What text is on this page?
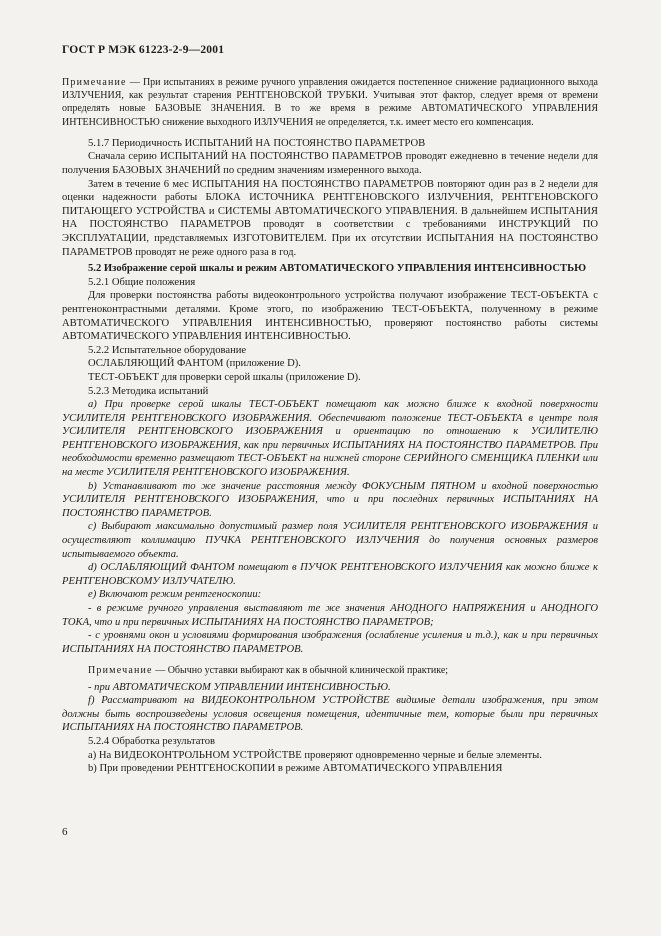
ГОСТ Р МЭК 61223-2-9—2001

Примечание — При испытаниях в режиме ручного управления ожидается постепенное снижение радиационного выхода ИЗЛУЧЕНИЯ, как результат старения РЕНТГЕНОВСКОЙ ТРУБКИ. Учитывая этот фактор, следует время от времени определять новые БАЗОВЫЕ ЗНАЧЕНИЯ. В то же время в режиме АВТОМАТИЧЕСКОГО УПРАВЛЕНИЯ ИНТЕНСИВНОСТЬЮ снижение выходного ИЗЛУЧЕНИЯ не определяется, т.к. имеет место его компенсация.

5.1.7 Периодичность ИСПЫТАНИЙ НА ПОСТОЯНСТВО ПАРАМЕТРОВ

Сначала серию ИСПЫТАНИЙ НА ПОСТОЯНСТВО ПАРАМЕТРОВ проводят ежедневно в течение недели для получения БАЗОВЫХ ЗНАЧЕНИЙ по средним значениям измеренного выхода.

Затем в течение 6 мес ИСПЫТАНИЯ НА ПОСТОЯНСТВО ПАРАМЕТРОВ повторяют один раз в 2 недели для оценки надежности работы БЛОКА ИСТОЧНИКА РЕНТГЕНОВСКОГО ИЗЛУЧЕНИЯ, РЕНТГЕНОВСКОГО ПИТАЮЩЕГО УСТРОЙСТВА и СИСТЕМЫ АВТОМАТИЧЕСКОГО УПРАВЛЕНИЯ. В дальнейшем ИСПЫТАНИЯ НА ПОСТОЯНСТВО ПАРАМЕТРОВ проводят в соответствии с требованиями ИНСТРУКЦИЙ ПО ЭКСПЛУАТАЦИИ, представляемых ИЗГОТОВИТЕЛЕМ. При их отсутствии ИСПЫТАНИЯ НА ПОСТОЯНСТВО ПАРАМЕТРОВ проводят не реже одного раза в год.

5.2 Изображение серой шкалы и режим АВТОМАТИЧЕСКОГО УПРАВЛЕНИЯ ИНТЕНСИВНОСТЬЮ

5.2.1 Общие положения

Для проверки постоянства работы видеоконтрольного устройства получают изображение ТЕСТ-ОБЪЕКТА с рентгеноконтрастными деталями. Кроме этого, по изображению ТЕСТ-ОБЪЕКТА, полученному в режиме АВТОМАТИЧЕСКОГО УПРАВЛЕНИЯ ИНТЕНСИВНОСТЬЮ, проверяют постоянство работы системы АВТОМАТИЧЕСКОГО УПРАВЛЕНИЯ ИНТЕНСИВНОСТЬЮ.

5.2.2 Испытательное оборудование

ОСЛАБЛЯЮЩИЙ ФАНТОМ (приложение D).

ТЕСТ-ОБЪЕКТ для проверки серой шкалы (приложение D).

5.2.3 Методика испытаний

a) При проверке серой шкалы ТЕСТ-ОБЪЕКТ помещают как можно ближе к входной поверхности УСИЛИТЕЛЯ РЕНТГЕНОВСКОГО ИЗОБРАЖЕНИЯ. Обеспечивают положение ТЕСТ-ОБЪЕКТА в центре поля УСИЛИТЕЛЯ РЕНТГЕНОВСКОГО ИЗОБРАЖЕНИЯ и ориентацию по отношению к УСИЛИТЕЛЮ РЕНТГЕНОВСКОГО ИЗОБРАЖЕНИЯ, как при первичных ИСПЫТАНИЯХ НА ПОСТОЯНСТВО ПАРАМЕТРОВ. При необходимости временно размещают ТЕСТ-ОБЪЕКТ на нижней стороне СЕРИЙНОГО СМЕНЩИКА ПЛЕНКИ или на месте УСИЛИТЕЛЯ РЕНТГЕНОВСКОГО ИЗОБРАЖЕНИЯ.

b) Устанавливают то же значение расстояния между ФОКУСНЫМ ПЯТНОМ и входной поверхностью УСИЛИТЕЛЯ РЕНТГЕНОВСКОГО ИЗОБРАЖЕНИЯ, что и при последних первичных ИСПЫТАНИЯХ НА ПОСТОЯНСТВО ПАРАМЕТРОВ.

c) Выбирают максимально допустимый размер поля УСИЛИТЕЛЯ РЕНТГЕНОВСКОГО ИЗОБРАЖЕНИЯ и осуществляют коллимацию ПУЧКА РЕНТГЕНОВСКОГО ИЗЛУЧЕНИЯ до получения основных размеров испытываемого объекта.

d) ОСЛАБЛЯЮЩИЙ ФАНТОМ помещают в ПУЧОК РЕНТГЕНОВСКОГО ИЗЛУЧЕНИЯ как можно ближе к РЕНТГЕНОВСКОМУ ИЗЛУЧАТЕЛЮ.

e) Включают режим рентгеноскопии:

- в режиме ручного управления выставляют те же значения АНОДНОГО НАПРЯЖЕНИЯ и АНОДНОГО ТОКА, что и при первичных ИСПЫТАНИЯХ НА ПОСТОЯНСТВО ПАРАМЕТРОВ;

- с уровнями окон и условиями формирования изображения (ослабление усиления и т.д.), как и при первичных ИСПЫТАНИЯХ НА ПОСТОЯНСТВО ПАРАМЕТРОВ.

Примечание — Обычно уставки выбирают как в обычной клинической практике;

- при АВТОМАТИЧЕСКОМ УПРАВЛЕНИИ ИНТЕНСИВНОСТЬЮ.

f) Рассматривают на ВИДЕОКОНТРОЛЬНОМ УСТРОЙСТВЕ видимые детали изображения, при этом должны быть воспроизведены условия освещения помещения, идентичные тем, которые были при первичных ИСПЫТАНИЯХ НА ПОСТОЯНСТВО ПАРАМЕТРОВ.

5.2.4 Обработка результатов

a) На ВИДЕОКОНТРОЛЬНОМ УСТРОЙСТВЕ проверяют одновременно черные и белые элементы.

b) При проведении РЕНТГЕНОСКОПИИ в режиме АВТОМАТИЧЕСКОГО УПРАВЛЕНИЯ

6
